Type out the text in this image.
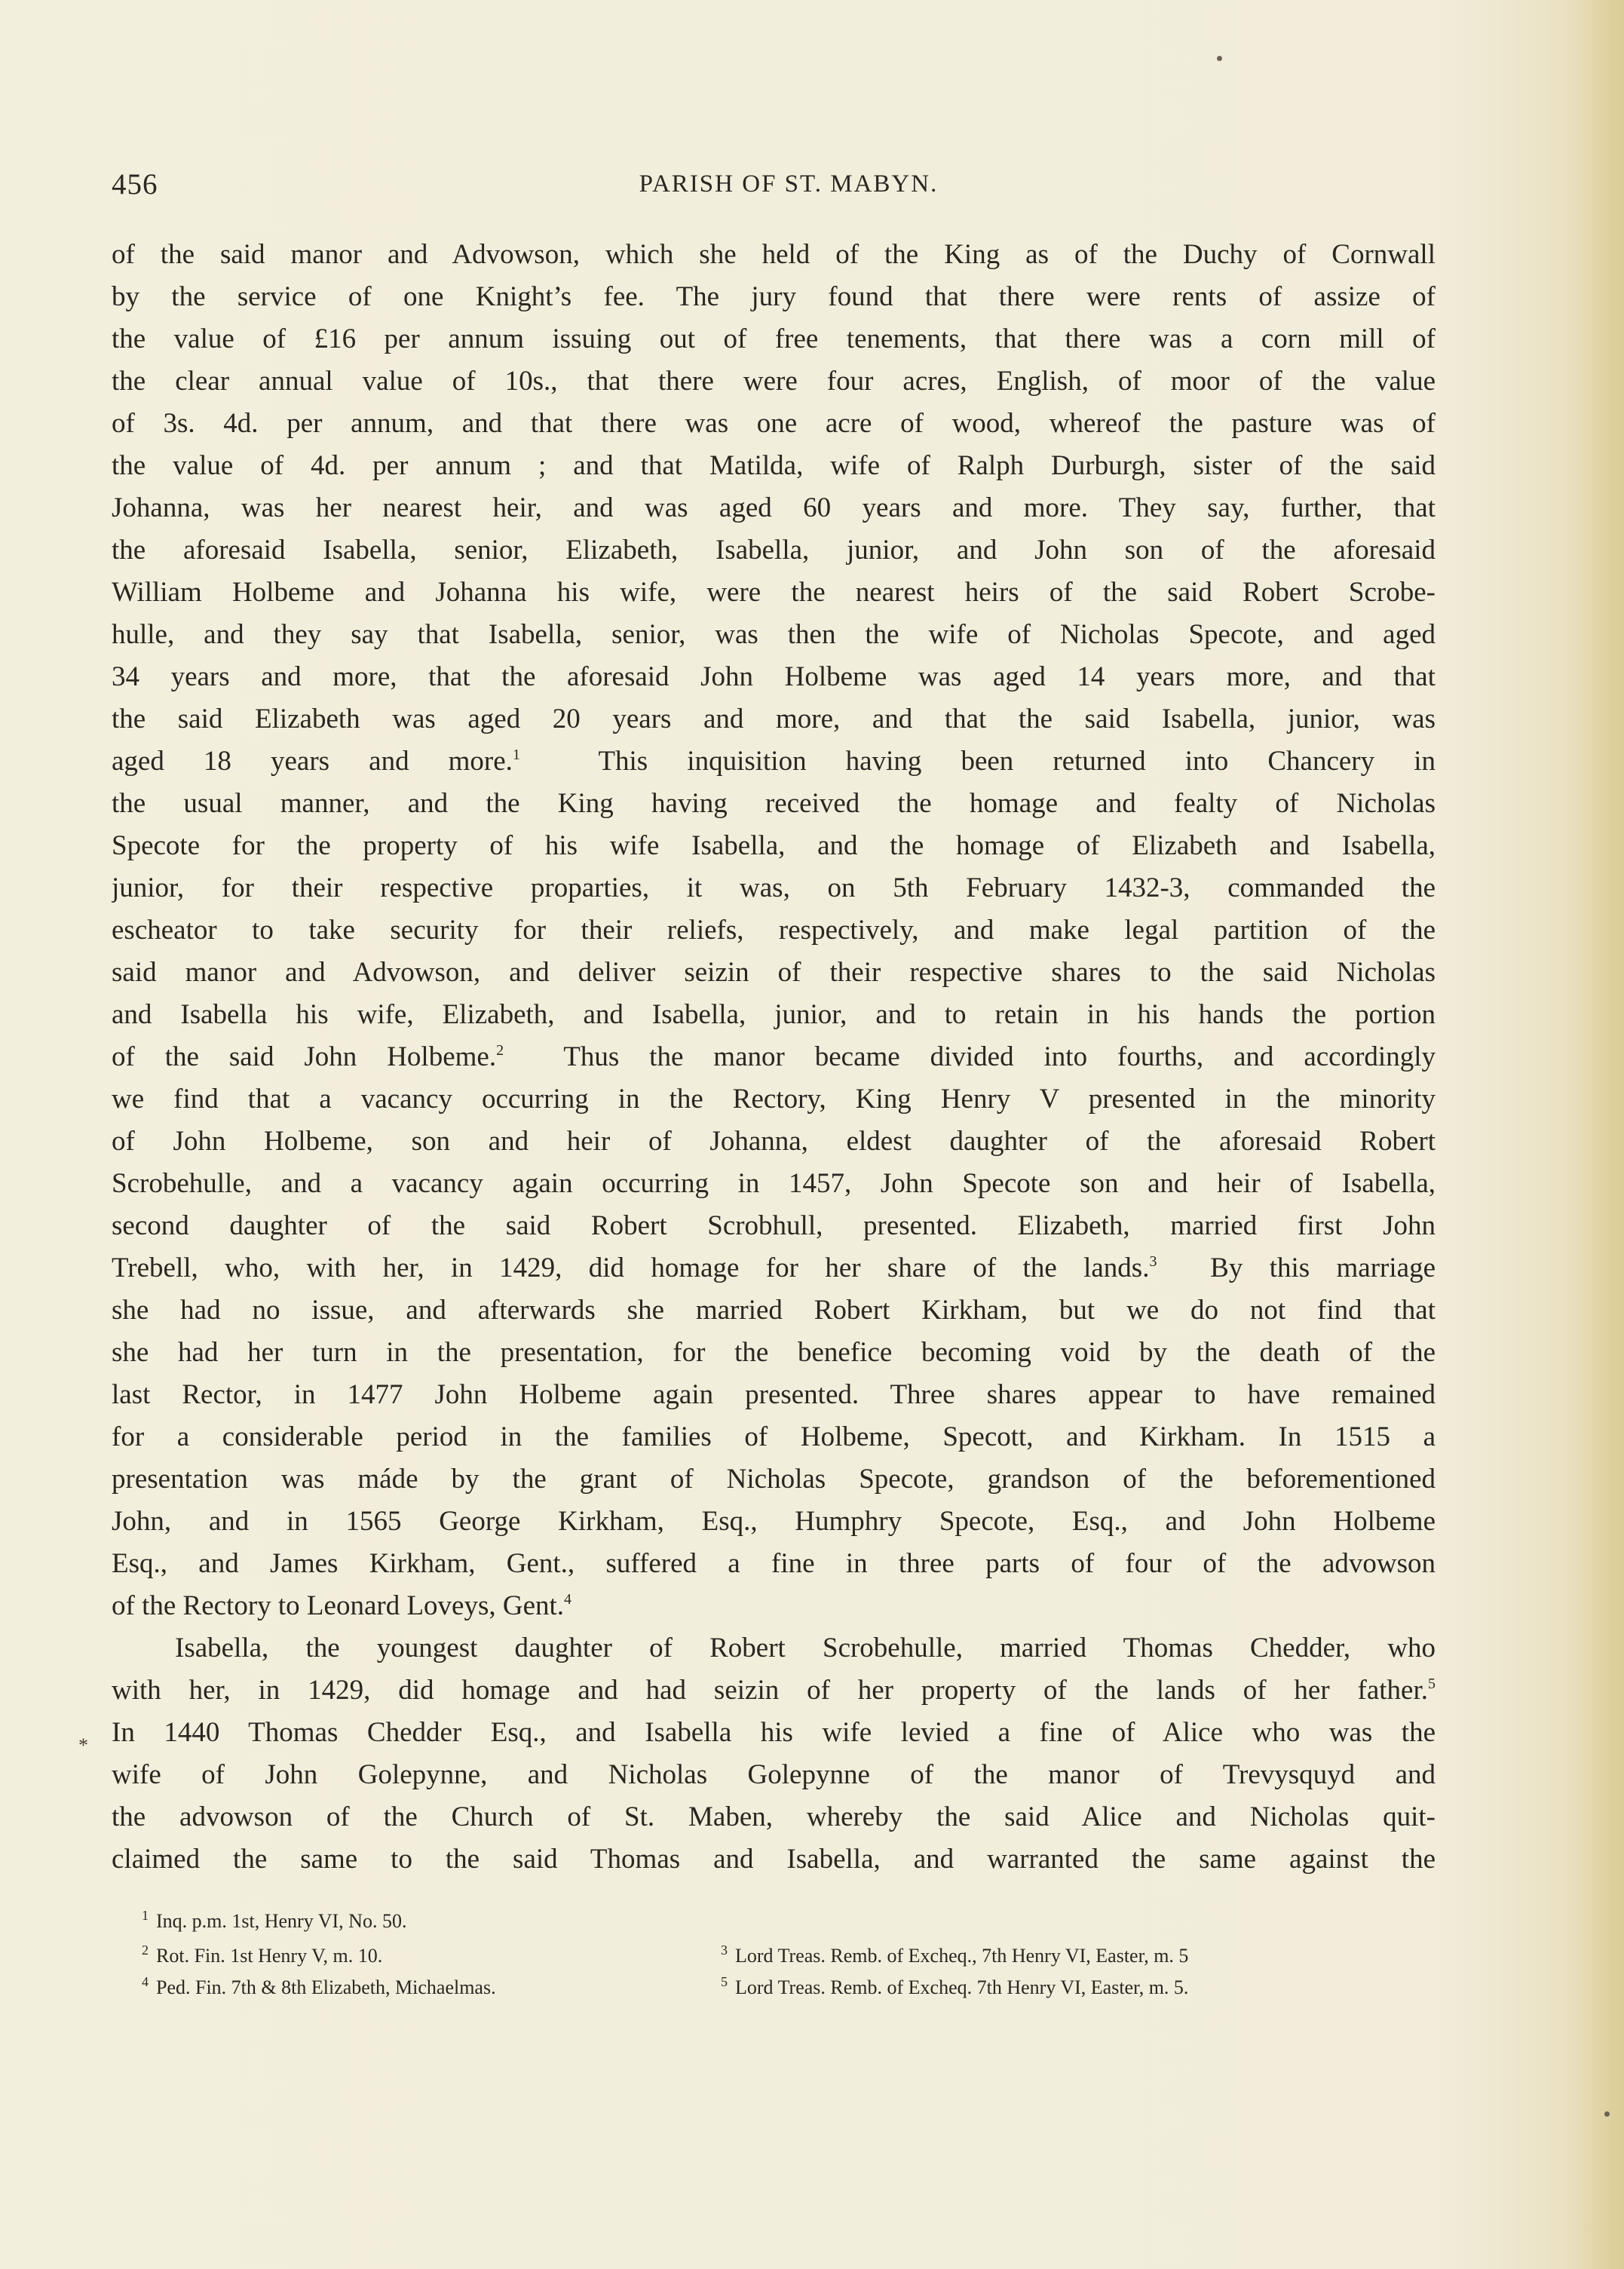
456	PARISH OF ST. MABYN.
of the said manor and Advowson, which she held of the King as of the Duchy of Cornwall
by the service of one Knight’s fee. The jury found that there were rents of assize of
the value of £16 per annum issuing out of free tenements, that there was a corn mill of
the clear annual value of 10s., that there were four acres, English, of moor of the value
of 3s. 4d. per annum, and that there was one acre of wood, whereof the pasture was of
the value of 4d. per annum ; and that Matilda, wife of Ralph Durburgh, sister of the said
Johanna, was her nearest heir, and was aged 60 years and more. They say, further, that
the aforesaid Isabella, senior, Elizabeth, Isabella, junior, and John son of the aforesaid
William Holbeme and Johanna his wife, were the nearest heirs of the said Robert Scrobe-
hulle, and they say that Isabella, senior, was then the wife of Nicholas Specote, and aged
34 years and more, that the aforesaid John Holbeme was aged 14 years more, and that
the said Elizabeth was aged 20 years and more, and that the said Isabella, junior, was
aged 18 years and more.$^1$  This inquisition having been returned into Chancery in
the usual manner, and the King having received the homage and fealty of Nicholas
Specote for the property of his wife Isabella, and the homage of Elizabeth and Isabella,
junior, for their respective proparties, it was, on 5th February 1432-3, commanded the
escheator to take security for their reliefs, respectively, and make legal partition of the
said manor and Advowson, and deliver seizin of their respective shares to the said Nicholas
and Isabella his wife, Elizabeth, and Isabella, junior, and to retain in his hands the portion
of the said John Holbeme.$^2$  Thus the manor became divided into fourths, and accordingly
we find that a vacancy occurring in the Rectory, King Henry V presented in the minority
of John Holbeme, son and heir of Johanna, eldest daughter of the aforesaid Robert
Scrobehulle, and a vacancy again occurring in 1457, John Specote son and heir of Isabella,
second daughter of the said Robert Scrobhull, presented. Elizabeth, married first John
Trebell, who, with her, in 1429, did homage for her share of the lands.$^3$  By this marriage
she had no issue, and afterwards she married Robert Kirkham, but we do not find that
she had her turn in the presentation, for the benefice becoming void by the death of the
last Rector, in 1477 John Holbeme again presented. Three shares appear to have remained
for a considerable period in the families of Holbeme, Specott, and Kirkham. In 1515 a
presentation was máde by the grant of Nicholas Specote, grandson of the beforementioned
John, and in 1565 George Kirkham, Esq., Humphry Specote, Esq., and John Holbeme
Esq., and James Kirkham, Gent., suffered a fine in three parts of four of the advowson
of the Rectory to Leonard Loveys, Gent.$^4$
Isabella, the youngest daughter of Robert Scrobehulle, married Thomas Chedder, who
with her, in 1429, did homage and had seizin of her property of the lands of her father.$^5$
In 1440 Thomas Chedder Esq., and Isabella his wife levied a fine of Alice who was the
wife of John Golepynne, and Nicholas Golepynne of the manor of Trevysquyd and
the advowson of the Church of St. Maben, whereby the said Alice and Nicholas quit-
claimed the same to the said Thomas and Isabella, and warranted the same against the
*
$^1$ Inq. p.m. 1st, Henry VI, No. 50.
$^2$ Rot. Fin. 1st Henry V, m. 10.	$^3$ Lord Treas. Remb. of Excheq., 7th Henry VI, Easter, m. 5
$^4$ Ped. Fin. 7th & 8th Elizabeth, Michaelmas.	$^5$ Lord Treas. Remb. of Excheq. 7th Henry VI, Easter, m. 5.
